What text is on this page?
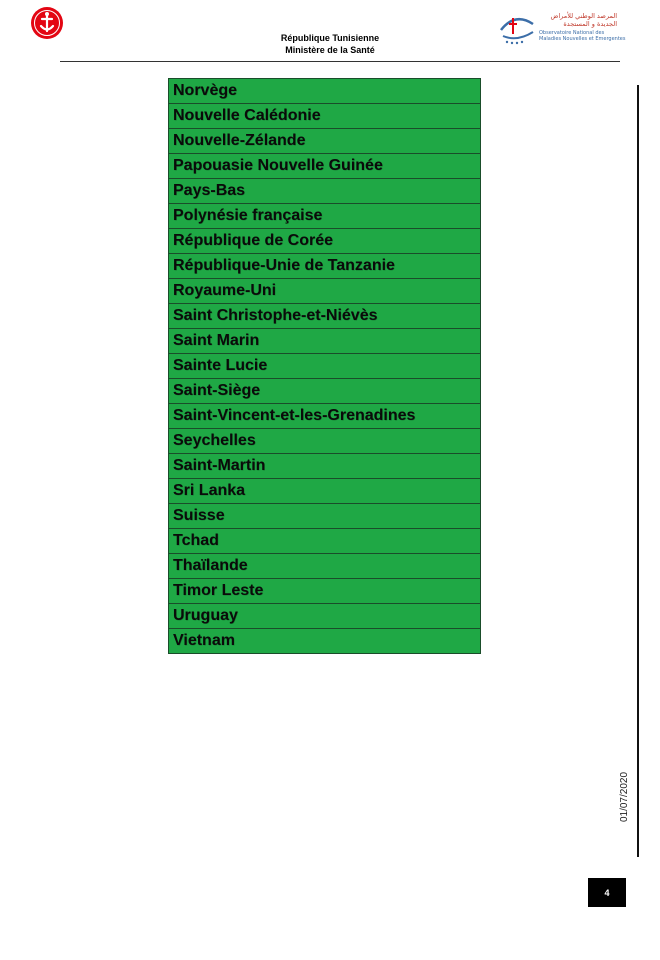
République Tunisienne
Ministère de la Santé
المرصد الوطني للأمراض
الجديدة و المستجدة
Observatoire National des
Maladies Nouvelles et Emergentes
Norvège
Nouvelle Calédonie
Nouvelle-Zélande
Papouasie Nouvelle Guinée
Pays-Bas
Polynésie française
République de Corée
République-Unie de Tanzanie
Royaume-Uni
Saint Christophe-et-Niévès
Saint Marin
Sainte Lucie
Saint-Siège
Saint-Vincent-et-les-Grenadines
Seychelles
Saint-Martin
Sri Lanka
Suisse
Tchad
Thaïlande
Timor Leste
Uruguay
Vietnam
01/07/2020
4
